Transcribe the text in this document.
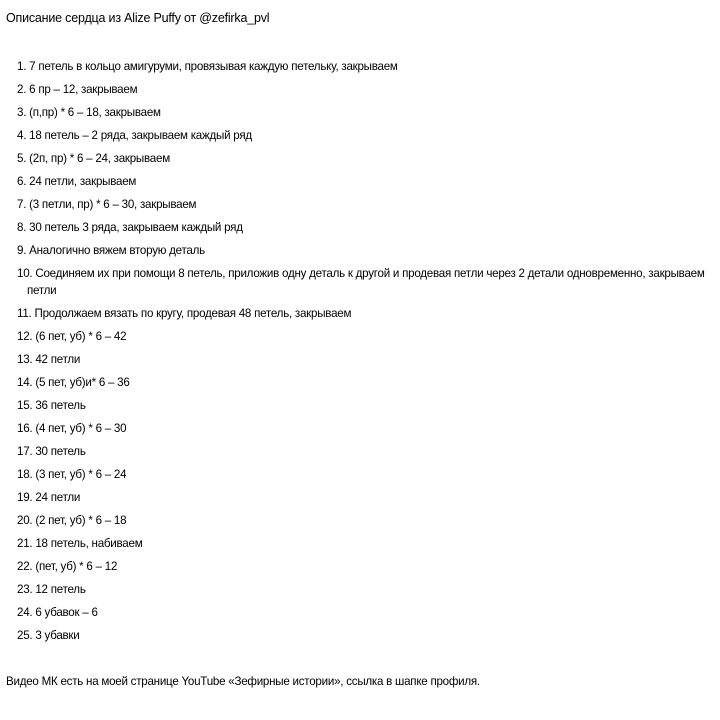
Описание сердца из Alize Puffy от @zefirka_pvl
1. 7 петель в кольцо амигуруми, провязывая каждую петельку, закрываем
2. 6 пр – 12, закрываем
3. (п,пр) * 6 – 18, закрываем
4. 18 петель – 2 ряда, закрываем каждый ряд
5. (2п, пр) * 6 – 24, закрываем
6. 24 петли, закрываем
7. (3 петли, пр) * 6 – 30, закрываем
8. 30 петель 3 ряда, закрываем каждый ряд
9. Аналогично вяжем вторую деталь
10. Соединяем их при помощи 8 петель, приложив одну деталь к другой и продевая петли через 2 детали одновременно, закрываем петли
11. Продолжаем вязать по кругу, продевая 48 петель, закрываем
12. (6 пет, уб) * 6 – 42
13. 42 петли
14. (5 пет, уб)и* 6 – 36
15. 36 петель
16. (4 пет, уб) * 6 – 30
17. 30 петель
18. (3 пет, уб) * 6 – 24
19. 24 петли
20. (2 пет, уб) * 6 – 18
21. 18 петель, набиваем
22. (пет, уб) * 6 – 12
23. 12 петель
24. 6 убавок – 6
25. 3 убавки
Видео МК есть на моей странице YouTube «Зефирные истории», ссылка в шапке профиля.
